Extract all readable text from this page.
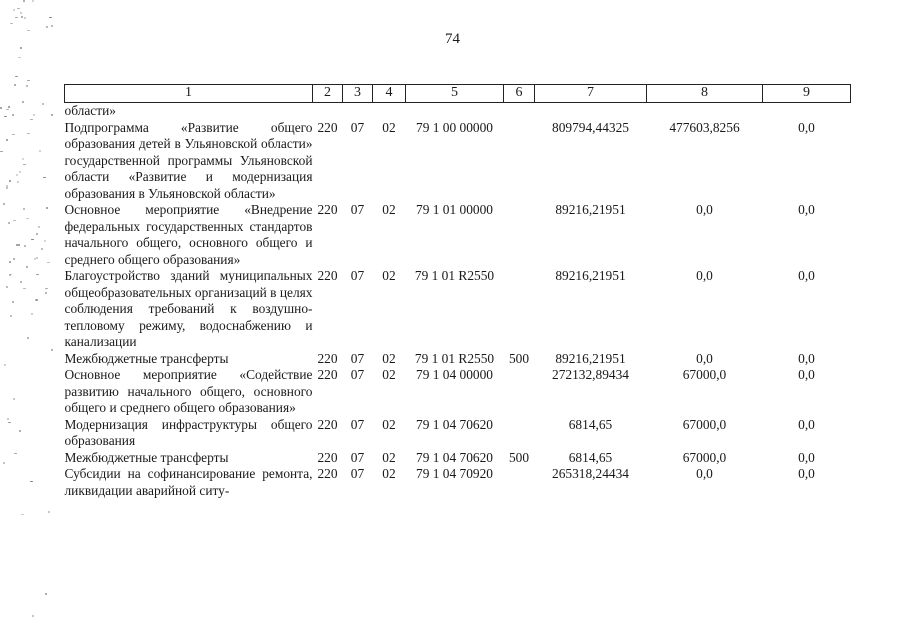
74
1	2	3	4	5	6	7	8	9
области»								
Подпрограмма «Развитие общего образования детей в Ульяновской области» государственной программы Ульяновской области «Развитие и модернизация образования в Ульяновской области»	220	07	02	79 1 00 00000		809794,44325	477603,8256	0,0
Основное мероприятие «Внедрение федеральных государственных стандартов начального общего, основного общего и среднего общего образования»	220	07	02	79 1 01 00000		89216,21951	0,0	0,0
Благоустройство зданий муниципальных общеобразовательных организаций в целях соблюдения требований к воздушно-тепловому режиму, водоснабжению и канализации	220	07	02	79 1 01 R2550		89216,21951	0,0	0,0
Межбюджетные трансферты	220	07	02	79 1 01 R2550	500	89216,21951	0,0	0,0
Основное мероприятие «Содействие развитию начального общего, основного общего и среднего общего образования»	220	07	02	79 1 04 00000		272132,89434	67000,0	0,0
Модернизация инфраструктуры общего образования	220	07	02	79 1 04 70620		6814,65	67000,0	0,0
Межбюджетные трансферты	220	07	02	79 1 04 70620	500	6814,65	67000,0	0,0
Субсидии на софинансирование ремонта, ликвидации аварийной ситу-	220	07	02	79 1 04 70920		265318,24434	0,0	0,0
